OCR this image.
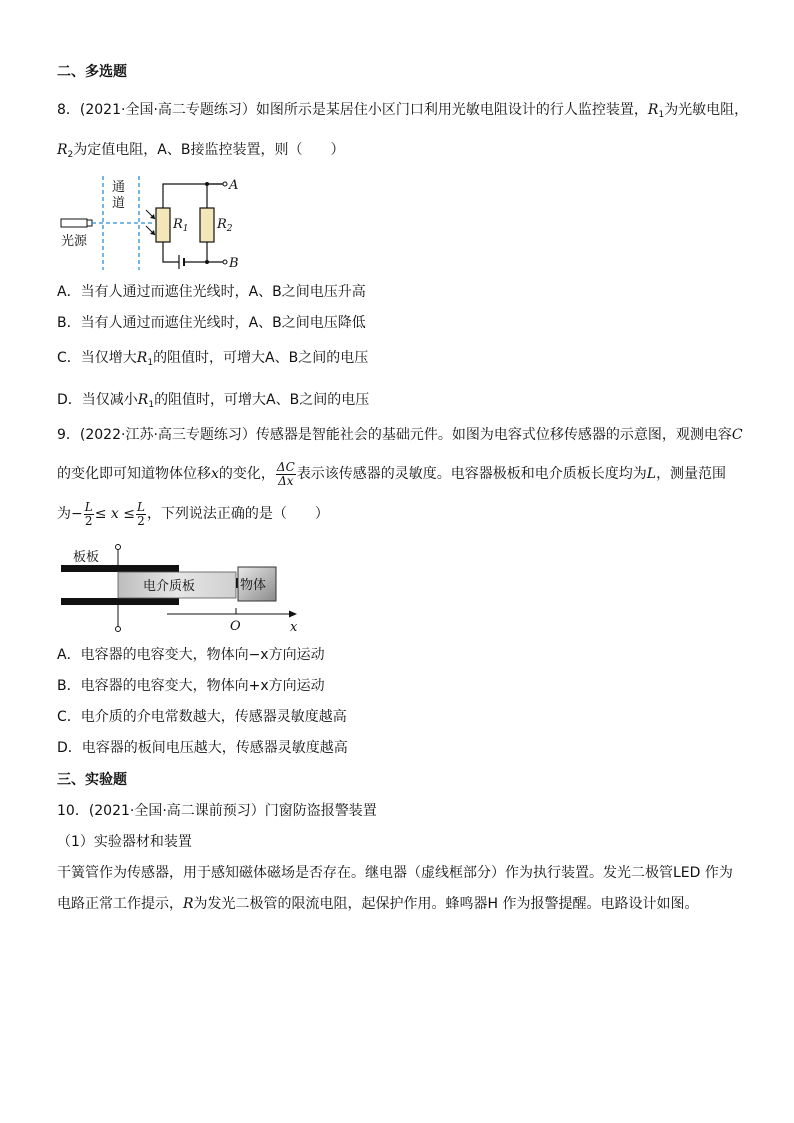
二、多选题
8．(2021·全国·高二专题练习）如图所示是某居住小区门口利用光敏电阻设计的行人监控装置，$R_1$为光敏电阻，
$R_2$为定值电阻，A、B接监控装置，则（　　）
通
道
光源
$R_1$ $R_2$
A
B
A．当有人通过而遮住光线时，A、B之间电压升高
B．当有人通过而遮住光线时，A、B之间电压降低
C．当仅增大$R_1$的阻值时，可增大A、B之间的电压
D．当仅减小$R_1$的阻值时，可增大A、B之间的电压
9．(2022·江苏·高三专题练习）传感器是智能社会的基础元件。如图为电容式位移传感器的示意图，观测电容C
的变化即可知道物体位移x的变化， $\frac{\Delta C}{\Delta x}$ 表示该传感器的灵敏度。电容器极板和电介质板长度均为L，测量范围
为− $\frac{L}{2} \le x \le \frac{L}{2}$ ，下列说法正确的是（　　）
板板
电介质板	物体
O	x
A．电容器的电容变大，物体向−x方向运动
B．电容器的电容变大，物体向+x方向运动
C．电介质的介电常数越大，传感器灵敏度越高
D．电容器的板间电压越大，传感器灵敏度越高
三、实验题
10．(2021·全国·高二课前预习）门窗防盗报警装置
（1）实验器材和装置
干簧管作为传感器，用于感知磁体磁场是否存在。继电器（虚线框部分）作为执行装置。发光二极管LED 作为
电路正常工作提示，R为发光二极管的限流电阻，起保护作用。蜂鸣器H 作为报警提醒。电路设计如图。
